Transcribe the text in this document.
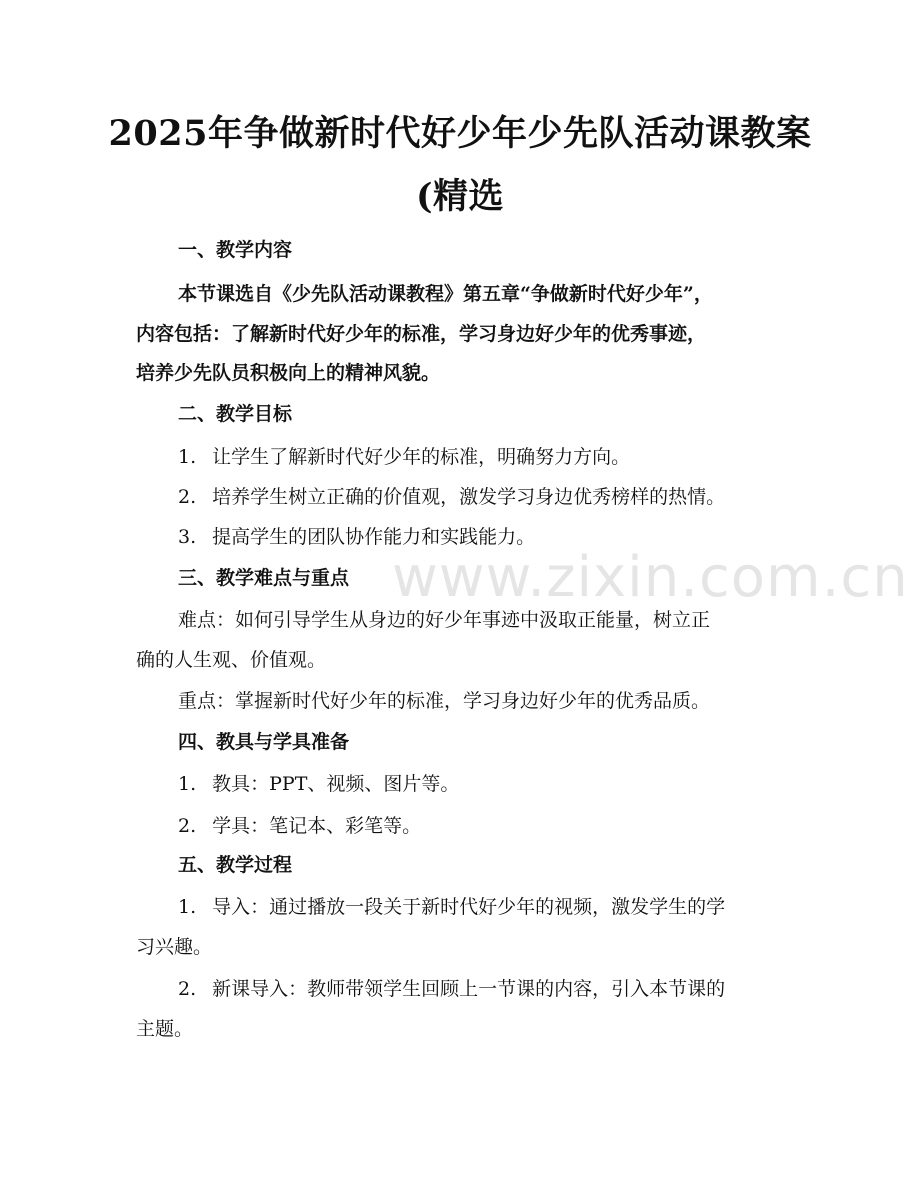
2025年争做新时代好少年少先队活动课教案
(精选
一、教学内容
本节课选自《少先队活动课教程》第五章“争做新时代好少年”，
内容包括：了解新时代好少年的标准，学习身边好少年的优秀事迹，
培养少先队员积极向上的精神风貌。
二、教学目标
1. 让学生了解新时代好少年的标准，明确努力方向。
2. 培养学生树立正确的价值观，激发学习身边优秀榜样的热情。
3. 提高学生的团队协作能力和实践能力。
三、教学难点与重点
难点：如何引导学生从身边的好少年事迹中汲取正能量，树立正
确的人生观、价值观。
重点：掌握新时代好少年的标准，学习身边好少年的优秀品质。
四、教具与学具准备
1. 教具：PPT、视频、图片等。
2. 学具：笔记本、彩笔等。
五、教学过程
1. 导入：通过播放一段关于新时代好少年的视频，激发学生的学
习兴趣。
2. 新课导入：教师带领学生回顾上一节课的内容，引入本节课的
主题。
www.zixin.com.cn
